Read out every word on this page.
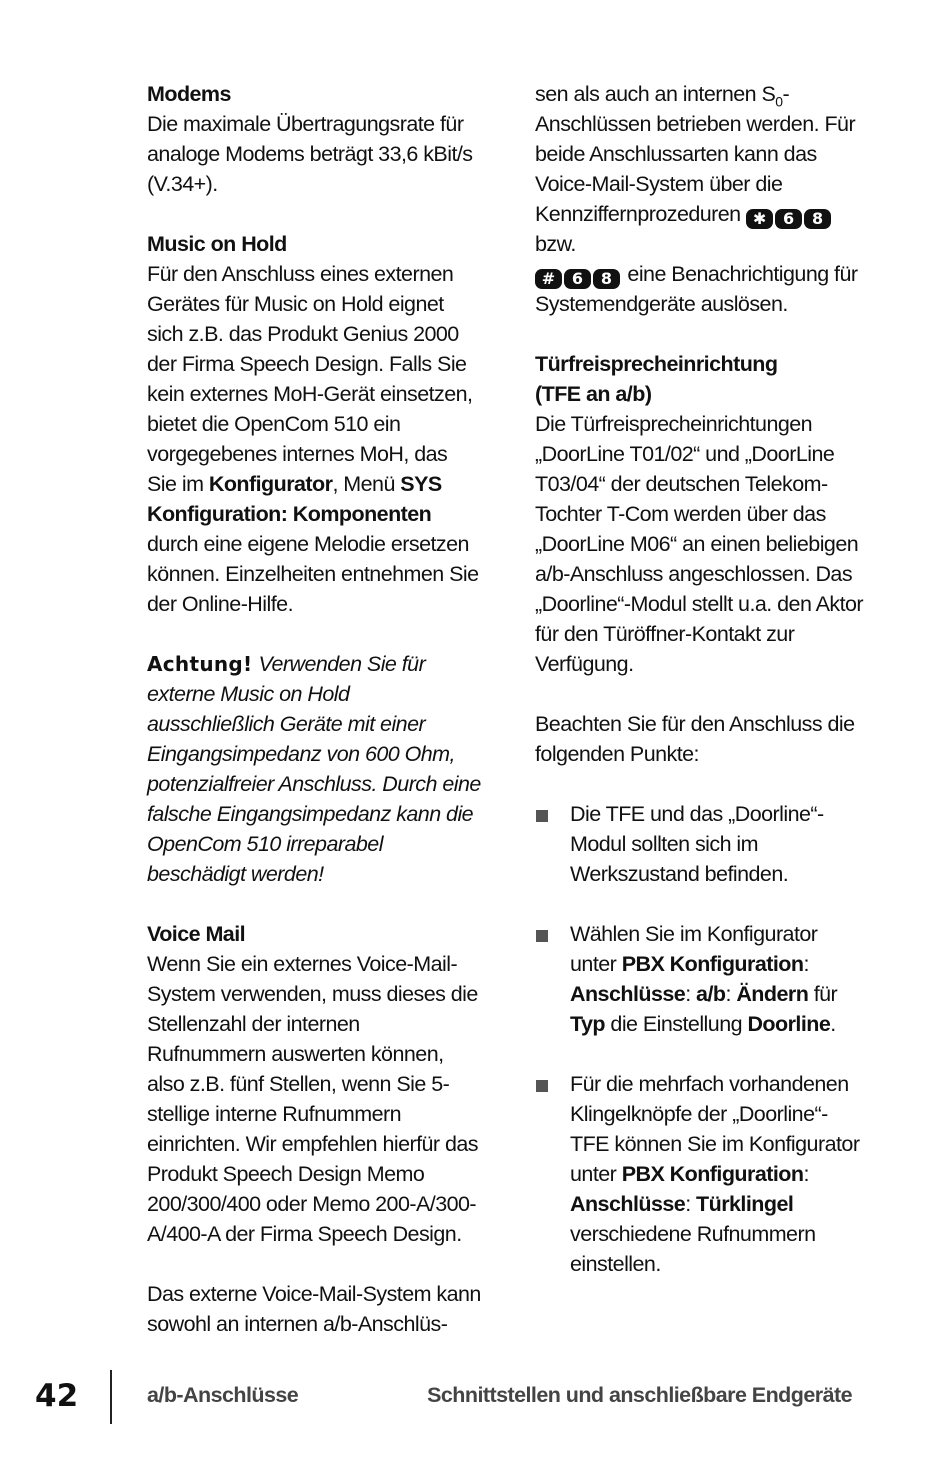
Modems
Die maximale Übertragungsrate für analoge Modems beträgt 33,6 kBit/s (V.34+).

Music on Hold
Für den Anschluss eines externen Gerätes für Music on Hold eignet sich z.B. das Produkt Genius 2000 der Firma Speech Design. Falls Sie kein externes MoH-Gerät einsetzen, bietet die OpenCom 510 ein vorgegebenes internes MoH, das Sie im Konfigurator, Menü SYS Konfiguration: Komponenten durch eine eigene Melodie ersetzen können. Einzelheiten entnehmen Sie der Online-Hilfe.

Achtung! Verwenden Sie für externe Music on Hold ausschließlich Geräte mit einer Eingangsimpedanz von 600 Ohm, potenzialfreier Anschluss. Durch eine falsche Eingangsimpedanz kann die OpenCom 510 irreparabel beschädigt werden!

Voice Mail
Wenn Sie ein externes Voice-Mail-System verwenden, muss dieses die Stellenzahl der internen Rufnummern auswerten können, also z.B. fünf Stellen, wenn Sie 5-stellige interne Rufnummern einrichten. Wir empfehlen hierfür das Produkt Speech Design Memo 200/300/400 oder Memo 200-A/300-A/400-A der Firma Speech Design.

Das externe Voice-Mail-System kann sowohl an internen a/b-Anschlüs-

sen als auch an internen $S_0$-Anschlüssen betrieben werden. Für beide Anschlussarten kann das Voice-Mail-System über die Kennziffernprozeduren ✱ 6 8 bzw.
# 6 8 eine Benachrichtigung für Systemendgeräte auslösen.

Türfreisprecheinrichtung
(TFE an a/b)
Die Türfreisprecheinrichtungen „DoorLine T01/02“ und „DoorLine T03/04“ der deutschen Telekom-Tochter T-Com werden über das „DoorLine M06“ an einen beliebigen a/b-Anschluss angeschlossen. Das „Doorline“-Modul stellt u.a. den Aktor für den Türöffner-Kontakt zur Verfügung.

Beachten Sie für den Anschluss die folgenden Punkte:

Die TFE und das „Doorline“-Modul sollten sich im Werkszustand befinden.

Wählen Sie im Konfigurator unter PBX Konfiguration: Anschlüsse: a/b: Ändern für Typ die Einstellung Doorline.

Für die mehrfach vorhandenen Klingelknöpfe der „Doorline“-TFE können Sie im Konfigurator unter PBX Konfiguration: Anschlüsse: Türklingel verschiedene Rufnummern einstellen.

42	a/b-Anschlüsse	Schnittstellen und anschließbare Endgeräte
